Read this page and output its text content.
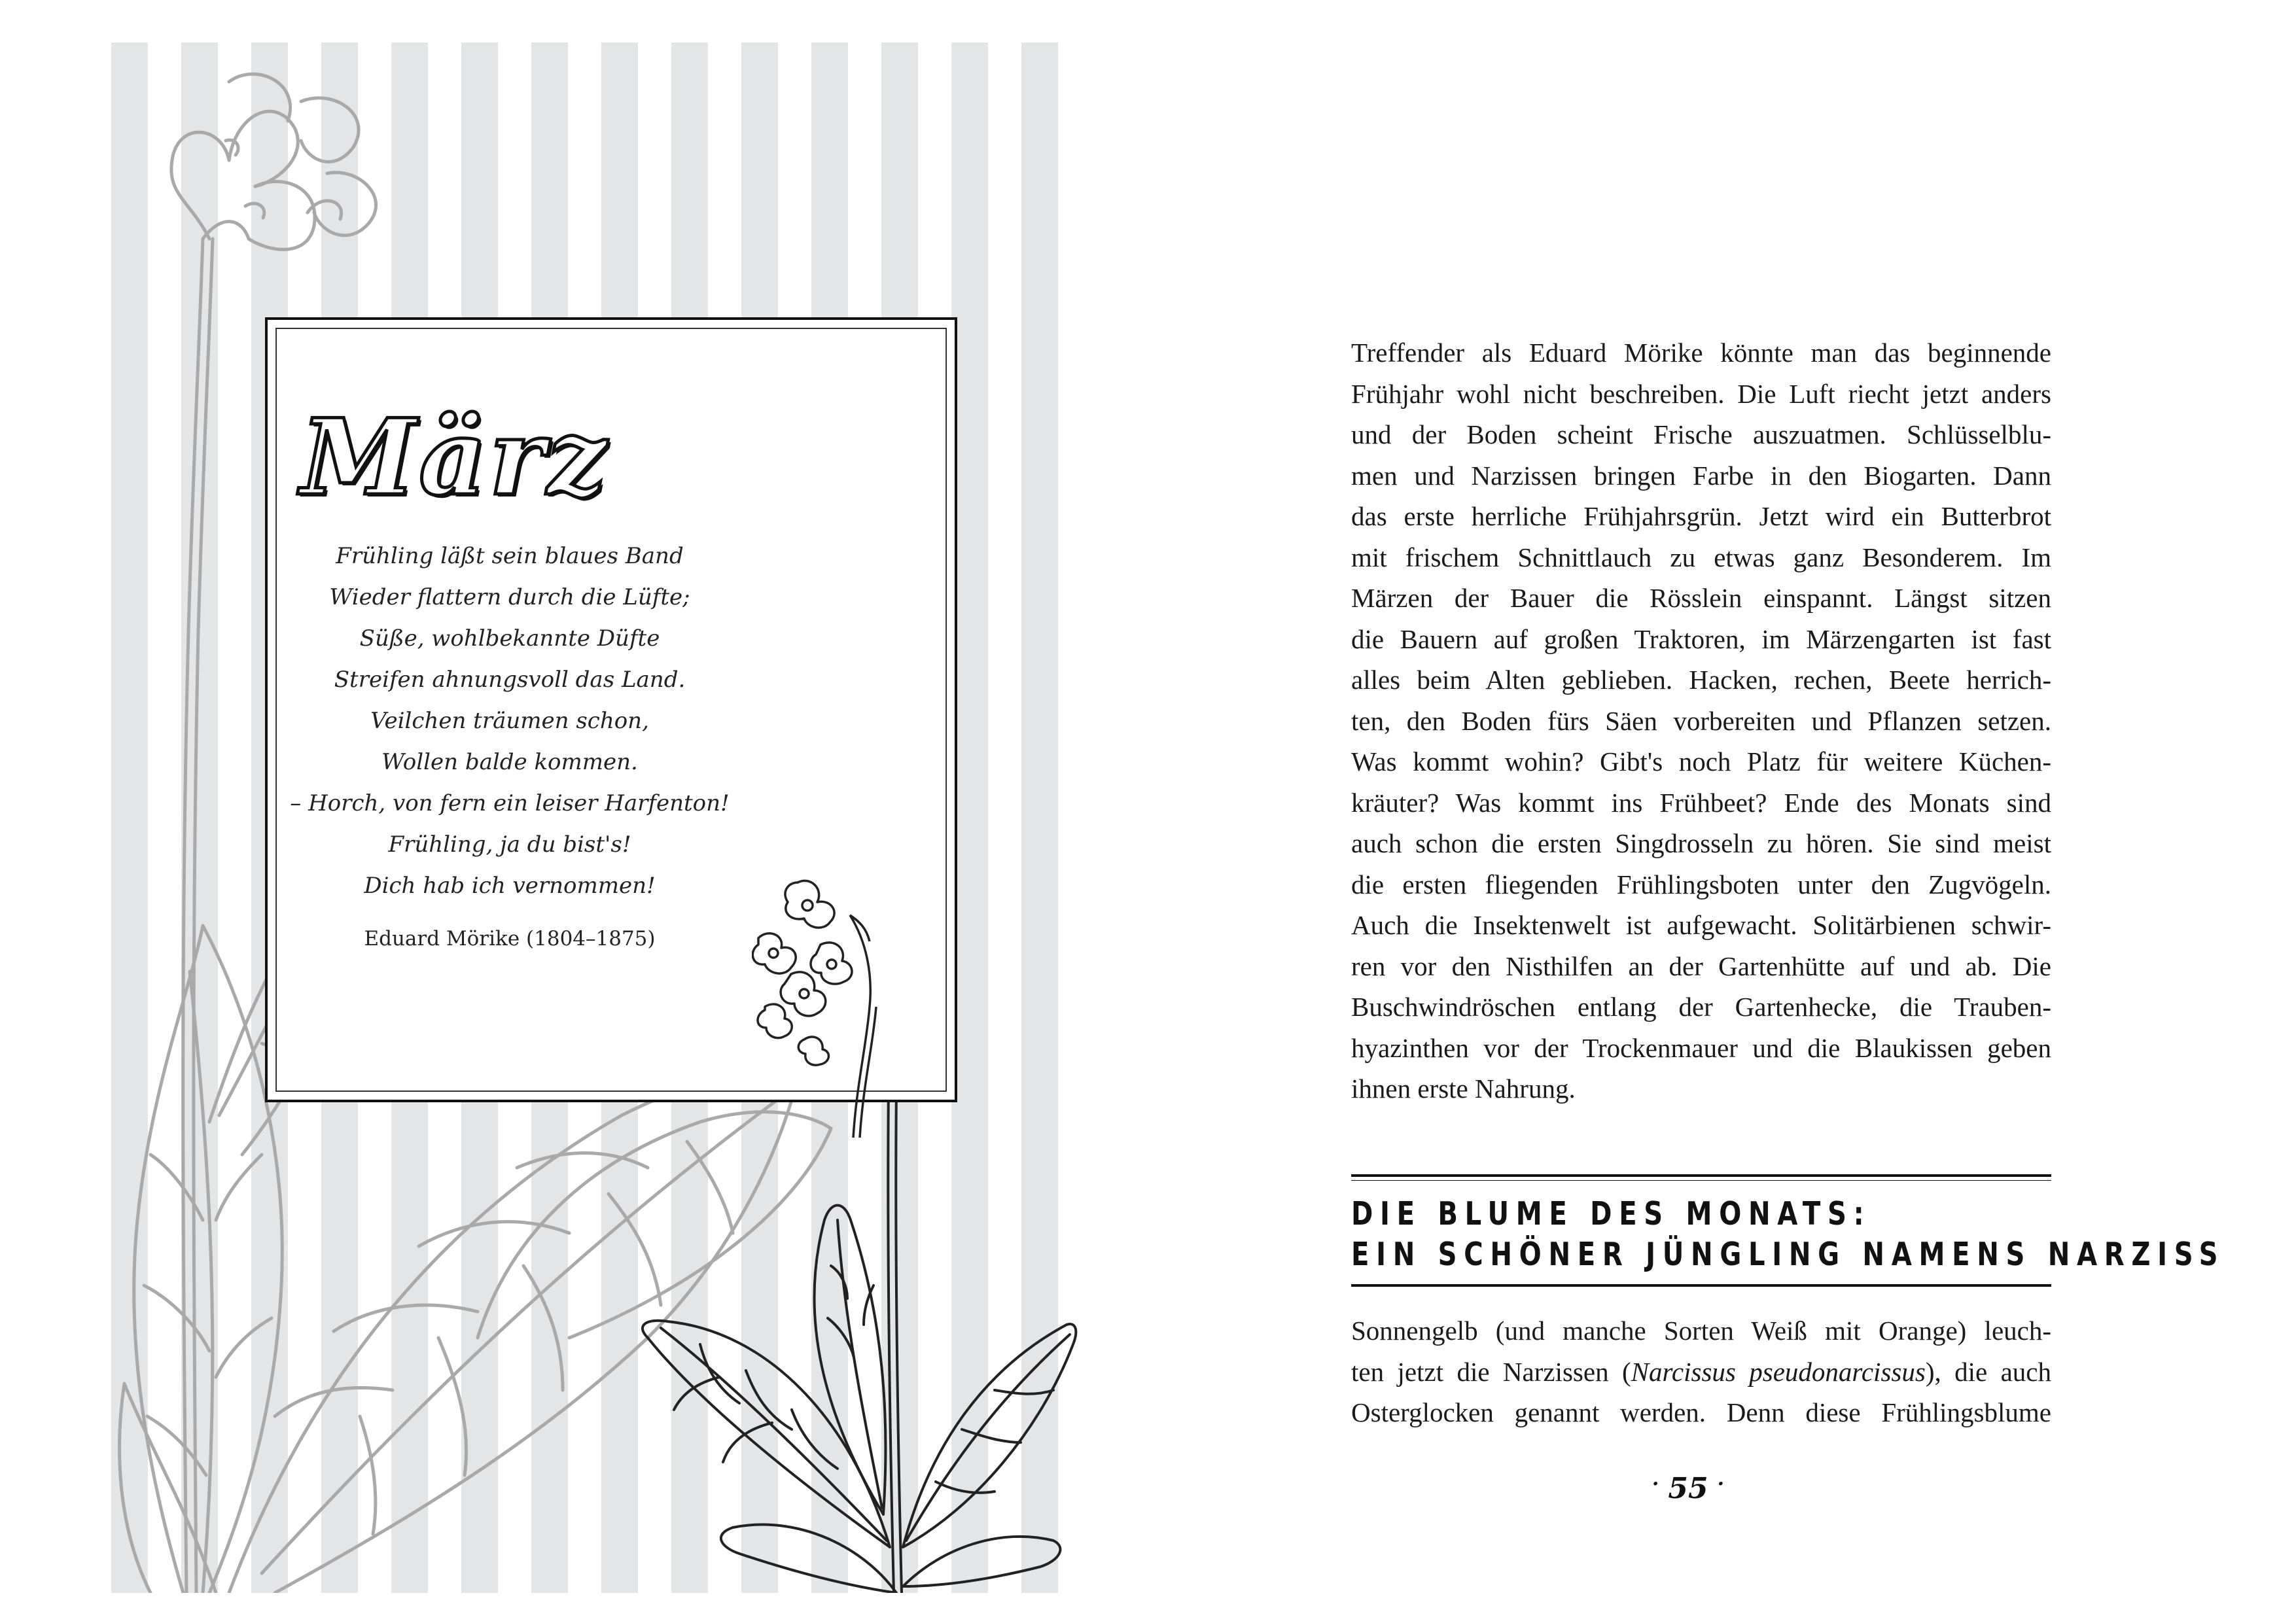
März
Frühling läßt sein blaues Band
Wieder flattern durch die Lüfte;
Süße, wohlbekannte Düfte
Streifen ahnungsvoll das Land.
Veilchen träumen schon,
Wollen balde kommen.
– Horch, von fern ein leiser Harfenton!
Frühling, ja du bist's!
Dich hab ich vernommen!
Eduard Mörike (1804–1875)

Treffender als Eduard Mörike könnte man das beginnende
Frühjahr wohl nicht beschreiben. Die Luft riecht jetzt anders
und der Boden scheint Frische auszuatmen. Schlüsselblu-
men und Narzissen bringen Farbe in den Biogarten. Dann
das erste herrliche Frühjahrsgrün. Jetzt wird ein Butterbrot
mit frischem Schnittlauch zu etwas ganz Besonderem. Im
Märzen der Bauer die Rösslein einspannt. Längst sitzen
die Bauern auf großen Traktoren, im Märzengarten ist fast
alles beim Alten geblieben. Hacken, rechen, Beete herrich-
ten, den Boden fürs Säen vorbereiten und Pflanzen setzen.
Was kommt wohin? Gibt's noch Platz für weitere Küchen-
kräuter? Was kommt ins Frühbeet? Ende des Monats sind
auch schon die ersten Singdrosseln zu hören. Sie sind meist
die ersten fliegenden Frühlingsboten unter den Zugvögeln.
Auch die Insektenwelt ist aufgewacht. Solitärbienen schwir-
ren vor den Nisthilfen an der Gartenhütte auf und ab. Die
Buschwindröschen entlang der Gartenhecke, die Trauben-
hyazinthen vor der Trockenmauer und die Blaukissen geben
ihnen erste Nahrung.

DIE BLUME DES MONATS:
EIN SCHÖNER JÜNGLING NAMENS NARZISS

Sonnengelb (und manche Sorten Weiß mit Orange) leuch-
ten jetzt die Narzissen (Narcissus pseudonarcissus), die auch
Osterglocken genannt werden. Denn diese Frühlingsblume

· 55 ·
